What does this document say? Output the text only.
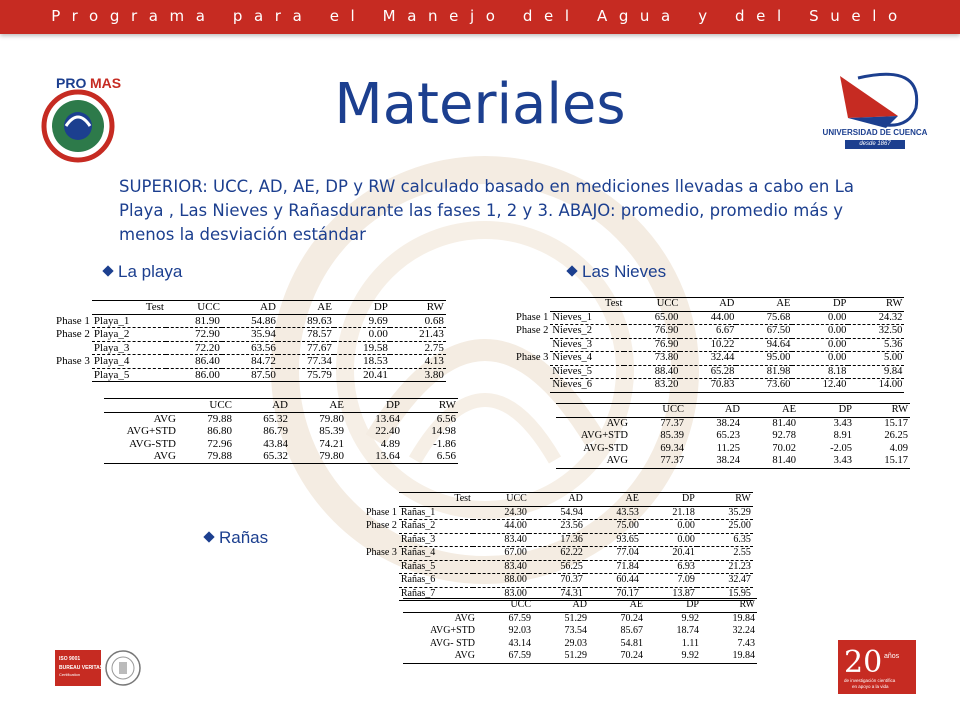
Programa para el Manejo del Agua y del Suelo
PRO MAS
UNIVERSIDAD DE CUENCA
desde 1867
Materiales
SUPERIOR: UCC, AD, AE, DP y RW calculado basado en mediciones llevadas a cabo en La Playa , Las Nieves y Rañasdurante las fases 1, 2 y 3. ABAJO: promedio, promedio más y menos la desviación estándar
La playa	Las Nieves
Rañas
	Test	UCC	AD	AE	DP	RW
Phase 1	Playa_1	81.90	54.86	89.63	9.69	0.68
Phase 2	Playa_2	72.90	35.94	78.57	0.00	21.43
	Playa_3	72.20	63.56	77.67	19.58	2.75
Phase 3	Playa_4	86.40	84.72	77.34	18.53	4.13
	Playa_5	86.00	87.50	75.79	20.41	3.80
	UCC	AD	AE	DP	RW
AVG	79.88	65.32	79.80	13.64	6.56
AVG+STD	86.80	86.79	85.39	22.40	14.98
AVG-STD	72.96	43.84	74.21	4.89	-1.86
AVG	79.88	65.32	79.80	13.64	6.56
	Test	UCC	AD	AE	DP	RW
Phase 1	Nieves_1	65.00	44.00	75.68	0.00	24.32
Phase 2	Nieves_2	76.90	6.67	67.50	0.00	32.50
	Nieves_3	76.90	10.22	94.64	0.00	5.36
Phase 3	Nieves_4	73.80	32.44	95.00	0.00	5.00
	Nieves_5	88.40	65.28	81.98	8.18	9.84
	Nieves_6	83.20	70.83	73.60	12.40	14.00
	UCC	AD	AE	DP	RW
AVG	77.37	38.24	81.40	3.43	15.17
AVG+STD	85.39	65.23	92.78	8.91	26.25
AVG-STD	69.34	11.25	70.02	-2.05	4.09
AVG	77.37	38.24	81.40	3.43	15.17
	Test	UCC	AD	AE	DP	RW
Phase 1	Rañas_1	24.30	54.94	43.53	21.18	35.29
Phase 2	Rañas_2	44.00	23.56	75.00	0.00	25.00
	Rañas_3	83.40	17.36	93.65	0.00	6.35
Phase 3	Rañas_4	67.00	62.22	77.04	20.41	2.55
	Rañas_5	83.40	56.25	71.84	6.93	21.23
	Rañas_6	88.00	70.37	60.44	7.09	32.47
	Rañas_7	83.00	74.31	70.17	13.87	15.95
	UCC	AD	AE	DP	RW
AVG	67.59	51.29	70.24	9.92	19.84
AVG+STD	92.03	73.54	85.67	18.74	32.24
AVG- STD	43.14	29.03	54.81	1.11	7.43
AVG	67.59	51.29	70.24	9.92	19.84
ISO 9001
BUREAU VERITAS
Certification	20 años
de investigación científica
en apoyo a la vida
